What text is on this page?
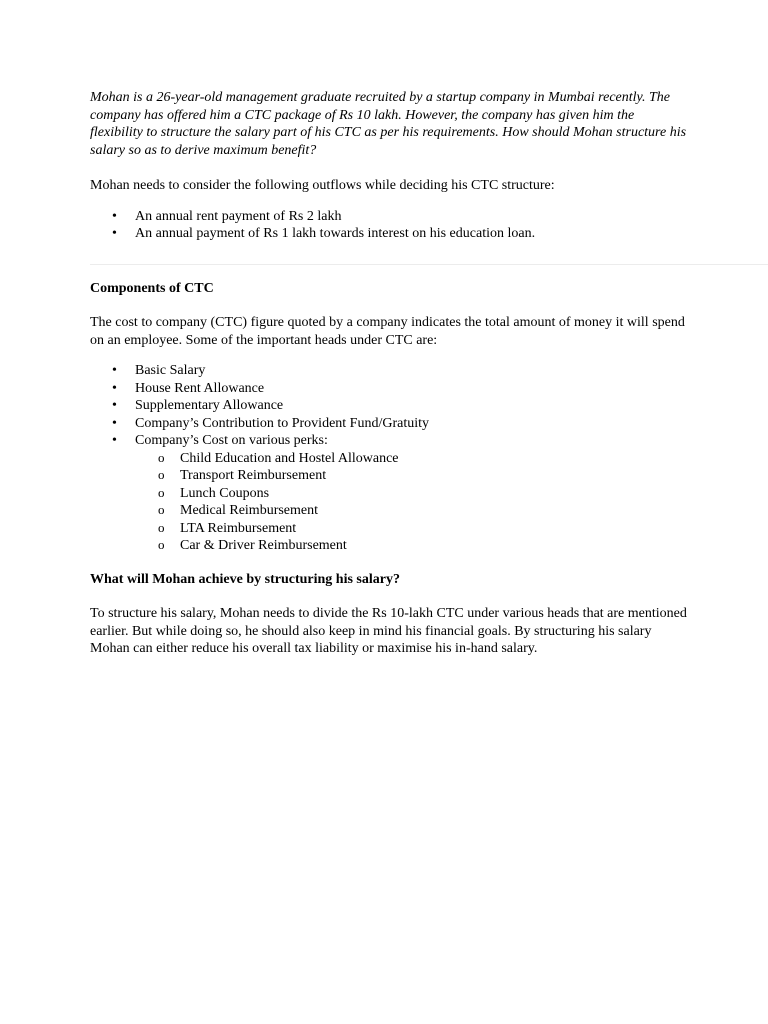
Mohan is a 26-year-old management graduate recruited by a startup company in Mumbai recently. The company has offered him a CTC package of Rs 10 lakh. However, the company has given him the flexibility to structure the salary part of his CTC as per his requirements. How should Mohan structure his salary so as to derive maximum benefit?

Mohan needs to consider the following outflows while deciding his CTC structure:

• An annual rent payment of Rs 2 lakh
• An annual payment of Rs 1 lakh towards interest on his education loan.

Components of CTC

The cost to company (CTC) figure quoted by a company indicates the total amount of money it will spend on an employee. Some of the important heads under CTC are:

• Basic Salary
• House Rent Allowance
• Supplementary Allowance
• Company’s Contribution to Provident Fund/Gratuity
• Company’s Cost on various perks:
o Child Education and Hostel Allowance
o Transport Reimbursement
o Lunch Coupons
o Medical Reimbursement
o LTA Reimbursement
o Car & Driver Reimbursement

What will Mohan achieve by structuring his salary?

To structure his salary, Mohan needs to divide the Rs 10-lakh CTC under various heads that are mentioned earlier. But while doing so, he should also keep in mind his financial goals. By structuring his salary Mohan can either reduce his overall tax liability or maximise his in-hand salary.
